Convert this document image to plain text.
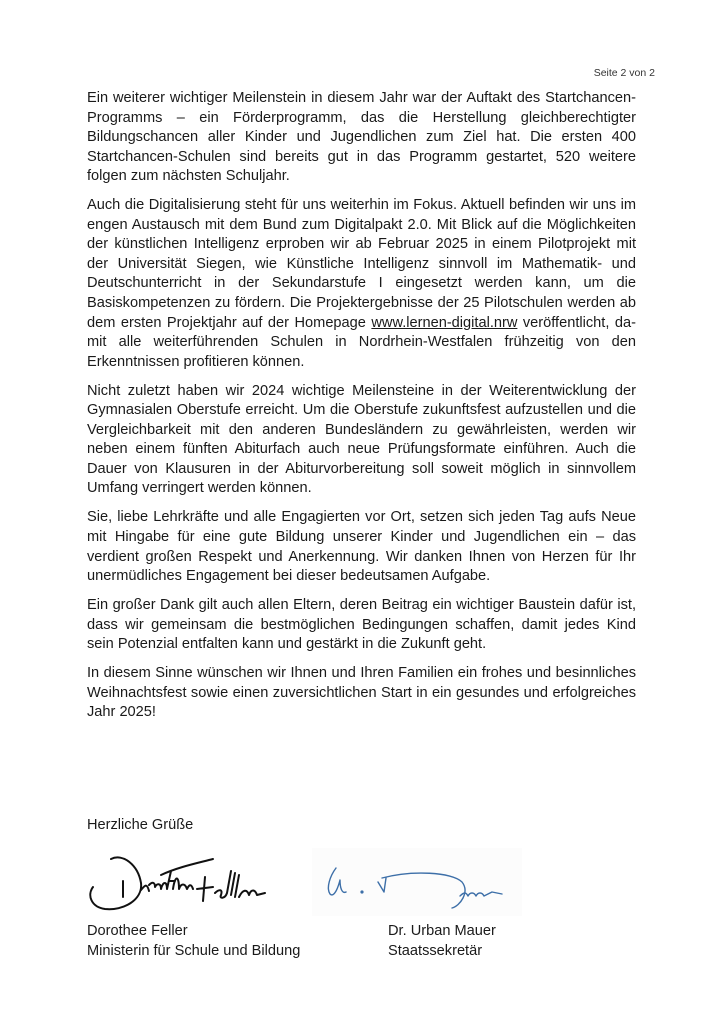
Seite 2 von 2

Ein weiterer wichtiger Meilenstein in diesem Jahr war der Auftakt des Startchancen-Programms – ein Förderprogramm, das die Herstellung gleichberechtigter Bildungschancen aller Kinder und Jugendlichen zum Ziel hat. Die ersten 400 Startchancen-Schulen sind bereits gut in das Programm gestartet, 520 weitere folgen zum nächsten Schuljahr.

Auch die Digitalisierung steht für uns weiterhin im Fokus. Aktuell befinden wir uns im engen Austausch mit dem Bund zum Digitalpakt 2.0. Mit Blick auf die Möglichkeiten der künstlichen Intelligenz erproben wir ab Februar 2025 in einem Pilotprojekt mit der Universität Siegen, wie Künstliche Intelligenz sinnvoll im Mathematik- und Deutschunterricht in der Sekundarstufe I eingesetzt werden kann, um die Basiskompetenzen zu fördern. Die Projektergebnisse der 25 Pilotschulen werden ab dem ersten Projektjahr auf der Homepage www.lernen-digital.nrw veröffentlicht, damit alle weiterführenden Schulen in Nordrhein-Westfalen frühzeitig von den Erkenntnissen profitieren können.

Nicht zuletzt haben wir 2024 wichtige Meilensteine in der Weiterentwicklung der Gymnasialen Oberstufe erreicht. Um die Oberstufe zukunftsfest aufzustellen und die Vergleichbarkeit mit den anderen Bundesländern zu gewährleisten, werden wir neben einem fünften Abiturfach auch neue Prüfungsformate einführen. Auch die Dauer von Klausuren in der Abiturvorbereitung soll soweit möglich in sinnvollem Umfang verringert werden können.

Sie, liebe Lehrkräfte und alle Engagierten vor Ort, setzen sich jeden Tag aufs Neue mit Hingabe für eine gute Bildung unserer Kinder und Jugendlichen ein – das verdient großen Respekt und Anerkennung. Wir danken Ihnen von Herzen für Ihr unermüdliches Engagement bei dieser bedeutsamen Aufgabe.

Ein großer Dank gilt auch allen Eltern, deren Beitrag ein wichtiger Baustein dafür ist, dass wir gemeinsam die bestmöglichen Bedingungen schaffen, damit jedes Kind sein Potenzial entfalten kann und gestärkt in die Zukunft geht.

In diesem Sinne wünschen wir Ihnen und Ihren Familien ein frohes und besinnliches Weihnachtsfest sowie einen zuversichtlichen Start in ein gesundes und erfolgreiches Jahr 2025!

Herzliche Grüße
Dorothee Feller
Ministerin für Schule und Bildung
Dr. Urban Mauer
Staatssekretär
